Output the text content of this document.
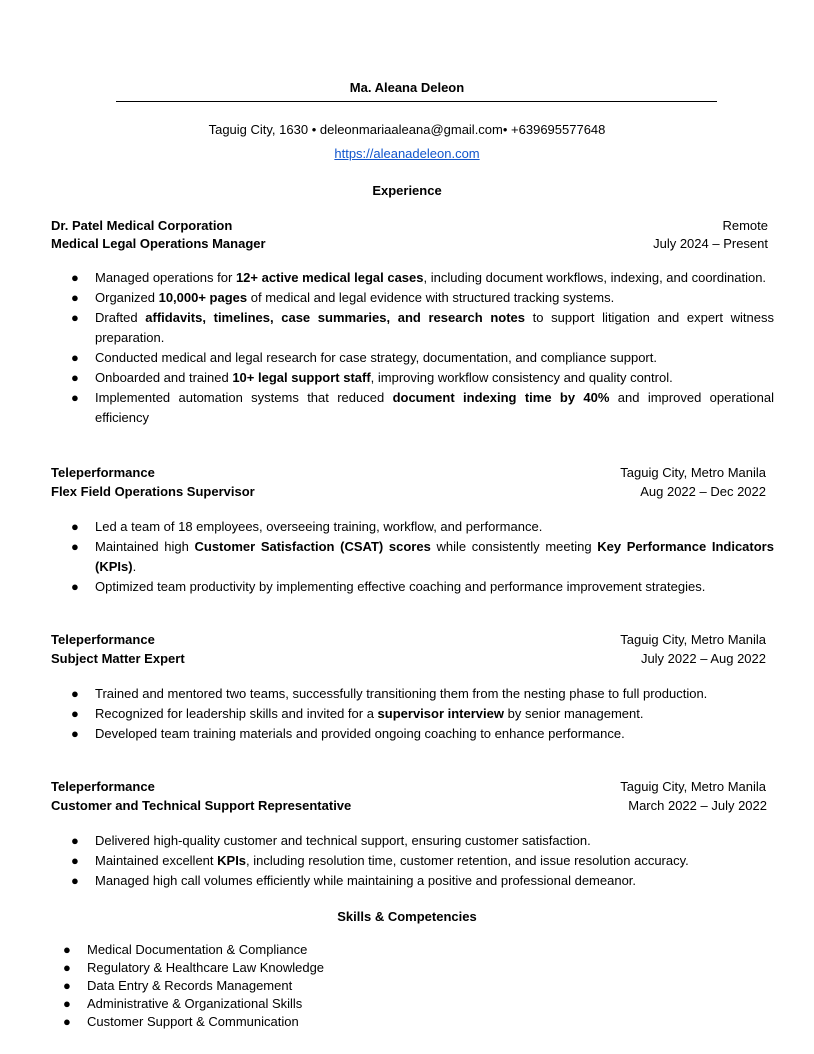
Ma. Aleana Deleon
Taguig City, 1630 • deleonmariaaleana@gmail.com• +639695577648
https://aleanadeleon.com
Experience
Dr. Patel Medical Corporation	Remote
Medical Legal Operations Manager	July 2024 – Present
● Managed operations for 12+ active medical legal cases, including document workflows, indexing, and coordination.
● Organized 10,000+ pages of medical and legal evidence with structured tracking systems.
● Drafted affidavits, timelines, case summaries, and research notes to support litigation and expert witness preparation.
● Conducted medical and legal research for case strategy, documentation, and compliance support.
● Onboarded and trained 10+ legal support staff, improving workflow consistency and quality control.
● Implemented automation systems that reduced document indexing time by 40% and improved operational efficiency
Teleperformance	Taguig City, Metro Manila
Flex Field Operations Supervisor	Aug 2022 – Dec 2022
● Led a team of 18 employees, overseeing training, workflow, and performance.
● Maintained high Customer Satisfaction (CSAT) scores while consistently meeting Key Performance Indicators (KPIs).
● Optimized team productivity by implementing effective coaching and performance improvement strategies.
Teleperformance	Taguig City, Metro Manila
Subject Matter Expert	July 2022 – Aug 2022
● Trained and mentored two teams, successfully transitioning them from the nesting phase to full production.
● Recognized for leadership skills and invited for a supervisor interview by senior management.
● Developed team training materials and provided ongoing coaching to enhance performance.
Teleperformance	Taguig City, Metro Manila
Customer and Technical Support Representative	March 2022 – July 2022
● Delivered high-quality customer and technical support, ensuring customer satisfaction.
● Maintained excellent KPIs, including resolution time, customer retention, and issue resolution accuracy.
● Managed high call volumes efficiently while maintaining a positive and professional demeanor.
Skills & Competencies
● Medical Documentation & Compliance
● Regulatory & Healthcare Law Knowledge
● Data Entry & Records Management
● Administrative & Organizational Skills
● Customer Support & Communication
